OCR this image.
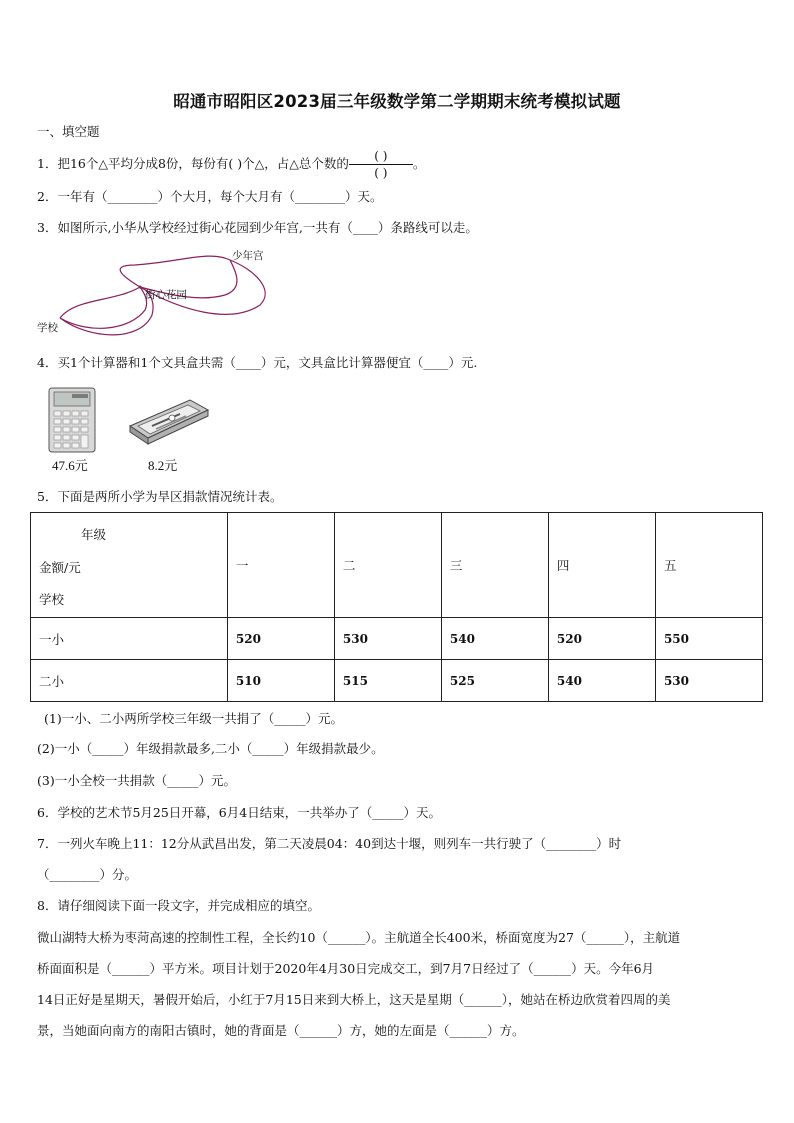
昭通市昭阳区2023届三年级数学第二学期期末统考模拟试题
一、填空题
1．把16个△平均分成8份，每份有( )个△，占△总个数的 $\frac{( )}{( )}$ 。
2．一年有（________）个大月，每个大月有（________）天。
3．如图所示,小华从学校经过街心花园到少年宫,一共有（____）条路线可以走。
学校
街心花园
少年宫
4．买1个计算器和1个文具盒共需（____）元，文具盒比计算器便宜（____）元.
47.6元	8.2元
5．下面是两所小学为旱区捐款情况统计表。
年级
金额/元
学校	一	二	三	四	五
一小	520	530	540	520	550
二小	510	515	525	540	530
(1)一小、二小两所学校三年级一共捐了（_____）元。
(2)一小（_____）年级捐款最多,二小（_____）年级捐款最少。
(3)一小全校一共捐款（_____）元。
6．学校的艺术节5月25日开幕，6月4日结束，一共举办了（_____）天。
7．一列火车晚上11：12分从武昌出发，第二天凌晨04：40到达十堰，则列车一共行驶了（________）时
（________）分。
8．请仔细阅读下面一段文字，并完成相应的填空。
微山湖特大桥为枣菏高速的控制性工程，全长约10（______）。主航道全长400米，桥面宽度为27（______），主航道
桥面面积是（______）平方米。项目计划于2020年4月30日完成交工，到7月7日经过了（______）天。今年6月
14日正好是星期天，暑假开始后，小红于7月15日来到大桥上，这天是星期（______），她站在桥边欣赏着四周的美
景，当她面向南方的南阳古镇时，她的背面是（______）方，她的左面是（______）方。
